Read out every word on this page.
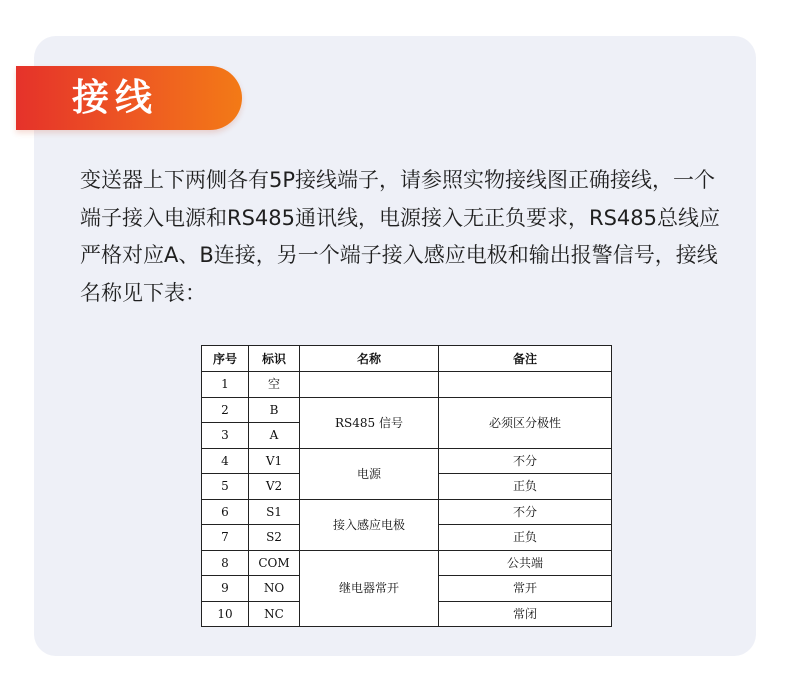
接线

变送器上下两侧各有5P接线端子，请参照实物接线图正确接线，一个端子接入电源和RS485通讯线，电源接入无正负要求，RS485总线应严格对应A、B连接，另一个端子接入感应电极和输出报警信号，接线名称见下表：

序号	标识	名称	备注
1	空		
2	B	RS485 信号	必须区分极性
3	A		
4	V1	电源	不分
5	V2		正负
6	S1	接入感应电极	不分
7	S2		正负
8	COM	继电器常开	公共端
9	NO		常开
10	NC		常闭
